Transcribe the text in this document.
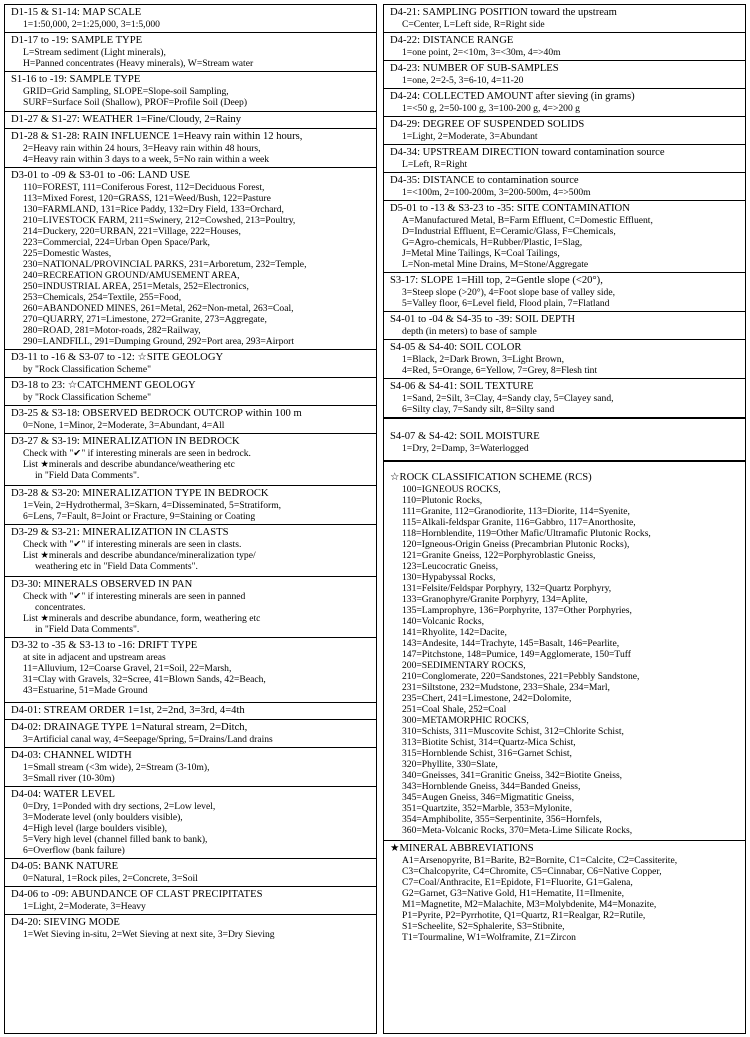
D1-15 & S1-14: MAP SCALE
1=1:50,000, 2=1:25,000, 3=1:5,000
D1-17 to -19: SAMPLE TYPE
L=Stream sediment (Light minerals),
H=Panned concentrates (Heavy minerals), W=Stream water
S1-16 to -19: SAMPLE TYPE
GRID=Grid Sampling, SLOPE=Slope-soil Sampling,
SURF=Surface Soil (Shallow), PROF=Profile Soil (Deep)
D1-27 & S1-27: WEATHER 1=Fine/Cloudy, 2=Rainy
D1-28 & S1-28: RAIN INFLUENCE 1=Heavy rain within 12 hours,
2=Heavy rain within 24 hours, 3=Heavy rain within 48 hours,
4=Heavy rain within 3 days to a week, 5=No rain within a week
D3-01 to -09 & S3-01 to -06: LAND USE
110=FOREST, 111=Coniferous Forest, 112=Deciduous Forest,
113=Mixed Forest, 120=GRASS, 121=Weed/Bush, 122=Pasture
130=FARMLAND, 131=Rice Paddy, 132=Dry Field, 133=Orchard,
210=LIVESTOCK FARM, 211=Swinery, 212=Cowshed, 213=Poultry,
214=Duckery, 220=URBAN, 221=Village, 222=Houses,
223=Commercial, 224=Urban Open Space/Park,
225=Domestic Wastes,
230=NATIONAL/PROVINCIAL PARKS, 231=Arboretum, 232=Temple,
240=RECREATION GROUND/AMUSEMENT AREA,
250=INDUSTRIAL AREA, 251=Metals, 252=Electronics,
253=Chemicals, 254=Textile, 255=Food,
260=ABANDONED MINES, 261=Metal, 262=Non-metal, 263=Coal,
270=QUARRY, 271=Limestone, 272=Granite, 273=Aggregate,
280=ROAD, 281=Motor-roads, 282=Railway,
290=LANDFILL, 291=Dumping Ground, 292=Port area, 293=Airport
D3-11 to -16 & S3-07 to -12: ☆SITE GEOLOGY
by "Rock Classification Scheme"
D3-18 to 23: ☆CATCHMENT GEOLOGY
by "Rock Classification Scheme"
D3-25 & S3-18: OBSERVED BEDROCK OUTCROP within 100 m
0=None, 1=Minor, 2=Moderate, 3=Abundant, 4=All
D3-27 & S3-19: MINERALIZATION IN BEDROCK
Check with "✔" if interesting minerals are seen in bedrock.
List ★minerals and describe abundance/weathering etc
in "Field Data Comments".
D3-28 & S3-20: MINERALIZATION TYPE IN BEDROCK
1=Vein, 2=Hydrothermal, 3=Skarn, 4=Disseminated, 5=Stratiform,
6=Lens, 7=Fault, 8=Joint or Fracture, 9=Staining or Coating
D3-29 & S3-21: MINERALIZATION IN CLASTS
Check with "✔" if interesting minerals are seen in clasts.
List ★minerals and describe abundance/mineralization type/
weathering etc in "Field Data Comments".
D3-30: MINERALS OBSERVED IN PAN
Check with "✔" if interesting minerals are seen in panned
concentrates.
List ★minerals and describe abundance, form, weathering etc
in "Field Data Comments".
D3-32 to -35 & S3-13 to -16: DRIFT TYPE
at site in adjacent and upstream areas
11=Alluvium, 12=Coarse Gravel, 21=Soil, 22=Marsh,
31=Clay with Gravels, 32=Scree, 41=Blown Sands, 42=Beach,
43=Estuarine, 51=Made Ground
D4-01: STREAM ORDER 1=1st, 2=2nd, 3=3rd, 4=4th
D4-02: DRAINAGE TYPE 1=Natural stream, 2=Ditch,
3=Artificial canal way, 4=Seepage/Spring, 5=Drains/Land drains
D4-03: CHANNEL WIDTH
1=Small stream (<3m wide), 2=Stream (3-10m),
3=Small river (10-30m)
D4-04: WATER LEVEL
0=Dry, 1=Ponded with dry sections, 2=Low level,
3=Moderate level (only boulders visible),
4=High level (large boulders visible),
5=Very high level (channel filled bank to bank),
6=Overflow (bank failure)
D4-05: BANK NATURE
0=Natural, 1=Rock piles, 2=Concrete, 3=Soil
D4-06 to -09: ABUNDANCE OF CLAST PRECIPITATES
1=Light, 2=Moderate, 3=Heavy
D4-20: SIEVING MODE
1=Wet Sieving in-situ, 2=Wet Sieving at next site, 3=Dry Sieving
D4-21: SAMPLING POSITION toward the upstream
C=Center, L=Left side, R=Right side
D4-22: DISTANCE RANGE
1=one point, 2=<10m, 3=<30m, 4=>40m
D4-23: NUMBER OF SUB-SAMPLES
1=one, 2=2-5, 3=6-10, 4=11-20
D4-24: COLLECTED AMOUNT after sieving (in grams)
1=<50 g, 2=50-100 g, 3=100-200 g, 4=>200 g
D4-29: DEGREE OF SUSPENDED SOLIDS
1=Light, 2=Moderate, 3=Abundant
D4-34: UPSTREAM DIRECTION toward contamination source
L=Left, R=Right
D4-35: DISTANCE to contamination source
1=<100m, 2=100-200m, 3=200-500m, 4=>500m
D5-01 to -13 & S3-23 to -35: SITE CONTAMINATION
A=Manufactured Metal, B=Farm Effluent, C=Domestic Effluent,
D=Industrial Effluent, E=Ceramic/Glass, F=Chemicals,
G=Agro-chemicals, H=Rubber/Plastic, I=Slag,
J=Metal Mine Tailings, K=Coal Tailings,
L=Non-metal Mine Drains, M=Stone/Aggregate
S3-17: SLOPE 1=Hill top, 2=Gentle slope (<20°),
3=Steep slope (>20°), 4=Foot slope base of valley side,
5=Valley floor, 6=Level field, Flood plain, 7=Flatland
S4-01 to -04 & S4-35 to -39: SOIL DEPTH
depth (in meters) to base of sample
S4-05 & S4-40: SOIL COLOR
1=Black, 2=Dark Brown, 3=Light Brown,
4=Red, 5=Orange, 6=Yellow, 7=Grey, 8=Flesh tint
S4-06 & S4-41: SOIL TEXTURE
1=Sand, 2=Silt, 3=Clay, 4=Sandy clay, 5=Clayey sand,
6=Silty clay, 7=Sandy silt, 8=Silty sand
S4-07 & S4-42: SOIL MOISTURE
1=Dry, 2=Damp, 3=Waterlogged
☆ROCK CLASSIFICATION SCHEME (RCS)
100=IGNEOUS ROCKS,
110=Plutonic Rocks,
111=Granite, 112=Granodiorite, 113=Diorite, 114=Syenite,
115=Alkali-feldspar Granite, 116=Gabbro, 117=Anorthosite,
118=Hornblendite, 119=Other Mafic/Ultramafic Plutonic Rocks,
120=Igneous-Origin Gneiss (Precambrian Plutonic Rocks),
121=Granite Gneiss, 122=Porphyroblastic Gneiss,
123=Leucocratic Gneiss,
130=Hypabyssal Rocks,
131=Felsite/Feldspar Porphyry, 132=Quartz Porphyry,
133=Granophyre/Granite Porphyry, 134=Aplite,
135=Lamprophyre, 136=Porphyrite, 137=Other Porphyries,
140=Volcanic Rocks,
141=Rhyolite, 142=Dacite,
143=Andesite, 144=Trachyte, 145=Basalt, 146=Pearlite,
147=Pitchstone, 148=Pumice, 149=Agglomerate, 150=Tuff
200=SEDIMENTARY ROCKS,
210=Conglomerate, 220=Sandstones, 221=Pebbly Sandstone,
231=Siltstone, 232=Mudstone, 233=Shale, 234=Marl,
235=Chert, 241=Limestone, 242=Dolomite,
251=Coal Shale, 252=Coal
300=METAMORPHIC ROCKS,
310=Schists, 311=Muscovite Schist, 312=Chlorite Schist,
313=Biotite Schist, 314=Quartz-Mica Schist,
315=Hornblende Schist, 316=Garnet Schist,
320=Phyllite, 330=Slate,
340=Gneisses, 341=Granitic Gneiss, 342=Biotite Gneiss,
343=Hornblende Gneiss, 344=Banded Gneiss,
345=Augen Gneiss, 346=Migmatitic Gneiss,
351=Quartzite, 352=Marble, 353=Mylonite,
354=Amphibolite, 355=Serpentinite, 356=Hornfels,
360=Meta-Volcanic Rocks, 370=Meta-Lime Silicate Rocks,
★MINERAL ABBREVIATIONS
A1=Arsenopyrite, B1=Barite, B2=Bornite, C1=Calcite, C2=Cassiterite,
C3=Chalcopyrite, C4=Chromite, C5=Cinnabar, C6=Native Copper,
C7=Coal/Anthracite, E1=Epidote, F1=Fluorite, G1=Galena,
G2=Garnet, G3=Native Gold, H1=Hematite, I1=Ilmenite,
M1=Magnetite, M2=Malachite, M3=Molybdenite, M4=Monazite,
P1=Pyrite, P2=Pyrrhotite, Q1=Quartz, R1=Realgar, R2=Rutile,
S1=Scheelite, S2=Sphalerite, S3=Stibnite,
T1=Tourmaline, W1=Wolframite, Z1=Zircon
